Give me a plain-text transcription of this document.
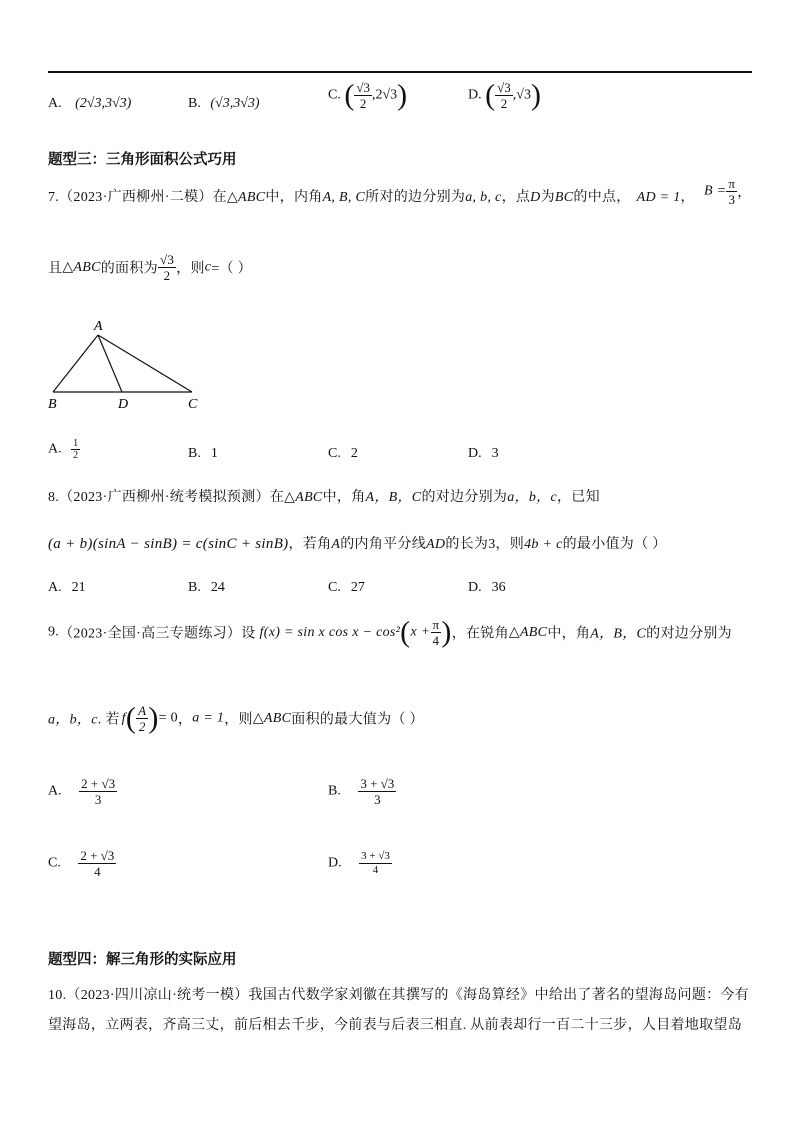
A. (2√3,3√3)	B. (√3,3√3)
C. ( $\frac{√3}{2} ,2√3$)	D. ( $\frac{√3}{2} ,√3$)
题型三：三角形面积公式巧用
7.（2023·广西柳州·二模）在△ABC中，内角A, B, C所对的边分别为a, b, c，点D为BC的中点， AD = 1， $B = \frac{\pi}{3}$ ，
且△ABC的面积为 $\frac{√3}{2}$ ，则c=（ ）
A
B	D	C
A. $\frac{1}{2}$	B. 1	C. 2	D. 3
8.（2023·广西柳州·统考模拟预测）在△ABC中，角A，B，C的对边分别为a，b，c，已知
(a + b)(sinA − sinB) = c(sinC + sinB)，若角A的内角平分线AD的长为3，则4b + c的最小值为（ ）
A. 21	B. 24	C. 27	D. 36
9.（2023·全国·高三专题练习）设 f(x) = sin x $\cos x - \cos^2(x + \frac{\pi}{4}$ )，在锐角△ABC中，角A，B，C的对边分别为
a，b，c. 若 $f( \frac{A}{2}$ )= 0，a = 1，则△ABC面积的最大值为（ ）
A. $\frac{2 + √3}{3}$	B. $\frac{3 + √3}{3}$
C. $\frac{2 + √3}{4}$	D. $\frac{3 + √3}{4}$
题型四：解三角形的实际应用
10.（2023·四川凉山·统考一模）我国古代数学家刘徽在其撰写的《海岛算经》中给出了著名的望海岛问题：今有
望海岛，立两表，齐高三丈，前后相去千步，今前表与后表三相直. 从前表却行一百二十三步，人目着地取望岛
